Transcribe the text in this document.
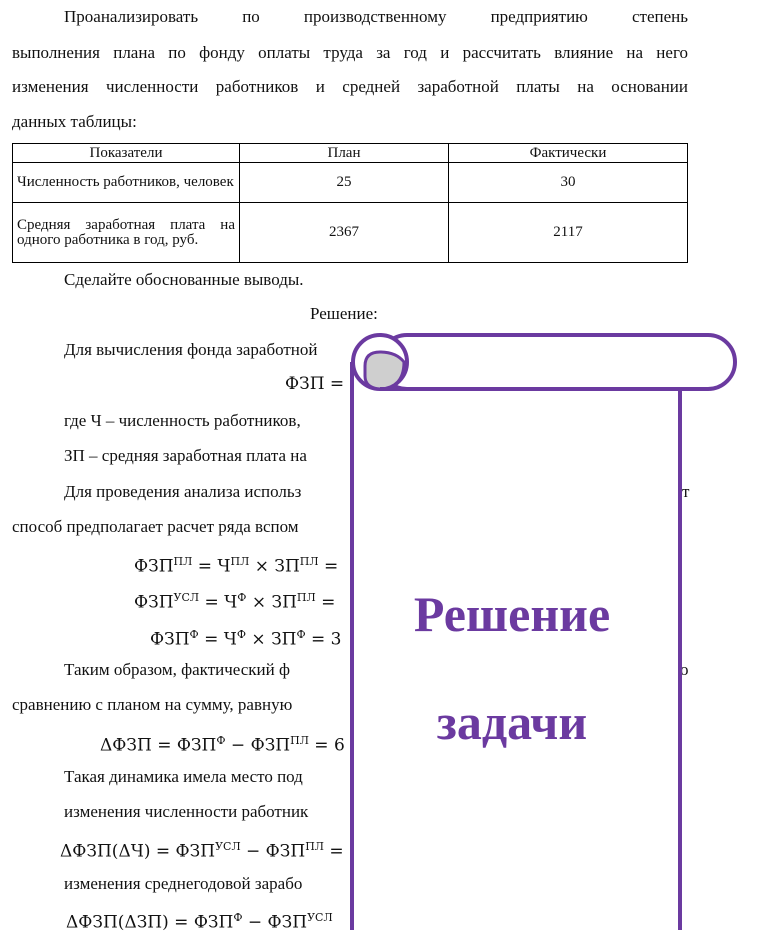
Проанализировать по производственному предприятию степень
выполнения плана по фонду оплаты труда за год и рассчитать влияние на него
изменения численности работников и средней заработной платы на основании
данных таблицы:
Показатели	План	Фактически
Численность работников, человек	25	30
Средняя заработная плата на одного работника в год, руб.	2367	2117
Сделайте обоснованные выводы.
Решение:
Для вычисления фонда заработной
ФЗП =
где Ч – численность работников,
ЗП – средняя заработная плата на
Для проведения анализа использ	т
способ предполагает расчет ряда вспом
$ФЗП^{ПЛ} = Ч^{ПЛ} \times ЗП^{ПЛ}$ =
$ФЗП^{УСЛ} = Ч^Ф \times ЗП^{ПЛ}$ =
$ФЗП^Ф = Ч^Ф \times ЗП^Ф = 3$
Таким образом, фактический ф	о
сравнению с планом на сумму, равную
$\Delta ФЗП = ФЗП^Ф - ФЗП^{ПЛ} = 6$
Такая динамика имела место под
изменения численности работник
$\Delta ФЗП(\Delta Ч) = ФЗП^{УСЛ} - ФЗП^{ПЛ}$ =
изменения среднегодовой зарабо
$\Delta ФЗП(\Delta ЗП) = ФЗП^Ф - ФЗП^{УСЛ}$
Решение
задачи
